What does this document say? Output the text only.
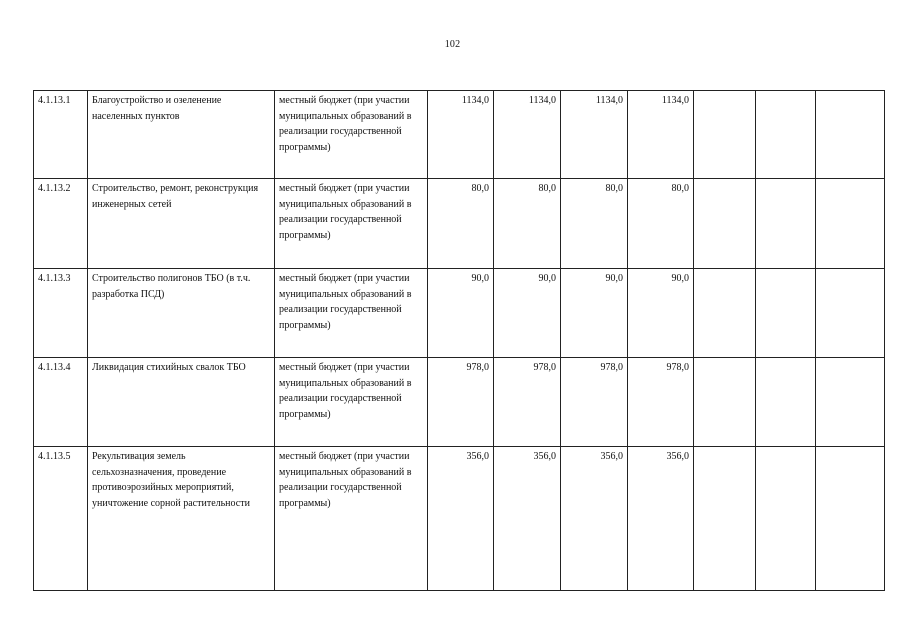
102
4.1.13.1	Благоустройство и озеленение населенных пунктов	местный бюджет (при участии муниципальных образований в реализации государственной программы)	1134,0	1134,0	1134,0	1134,0			
4.1.13.2	Строительство, ремонт, реконструкция инженерных сетей	местный бюджет (при участии муниципальных образований в реализации государственной программы)	80,0	80,0	80,0	80,0			
4.1.13.3	Строительство полигонов ТБО (в т.ч. разработка ПСД)	местный бюджет (при участии муниципальных образований в реализации государственной программы)	90,0	90,0	90,0	90,0			
4.1.13.4	Ликвидация стихийных свалок ТБО	местный бюджет (при участии муниципальных образований в реализации государственной программы)	978,0	978,0	978,0	978,0			
4.1.13.5	Рекультивация земель сельхозназначения, проведение противоэрозийных мероприятий, уничтожение сорной растительности	местный бюджет (при участии муниципальных образований в реализации государственной программы)	356,0	356,0	356,0	356,0			
